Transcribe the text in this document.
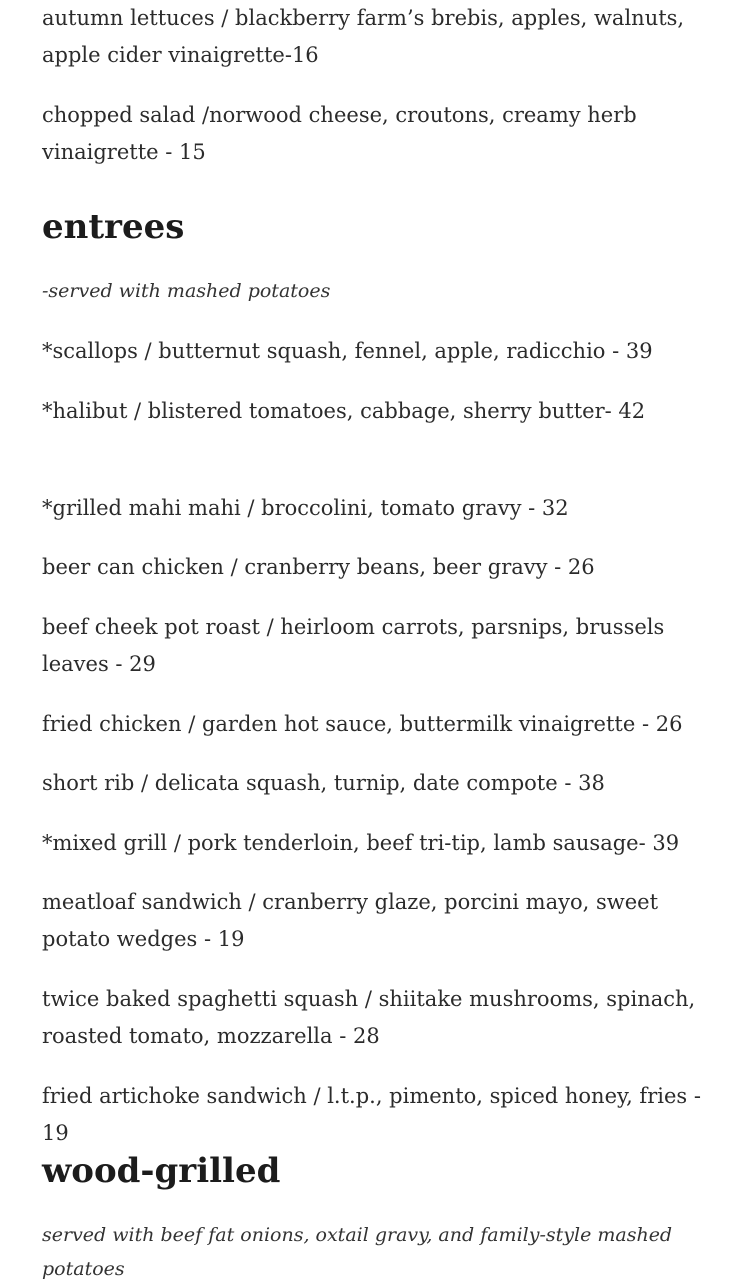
autumn lettuces / blackberry farm’s brebis, apples, walnuts, apple cider vinaigrette-16

chopped salad /norwood cheese, croutons, creamy herb vinaigrette - 15

entrees

-served with mashed potatoes

*scallops / butternut squash, fennel, apple, radicchio - 39

*halibut / blistered tomatoes, cabbage, sherry butter- 42

*grilled mahi mahi / broccolini, tomato gravy - 32

beer can chicken / cranberry beans, beer gravy - 26

beef cheek pot roast / heirloom carrots, parsnips, brussels leaves - 29

fried chicken / garden hot sauce, buttermilk vinaigrette - 26

short rib / delicata squash, turnip, date compote - 38

*mixed grill / pork tenderloin, beef tri-tip, lamb sausage- 39

meatloaf sandwich / cranberry glaze, porcini mayo, sweet potato wedges - 19

twice baked spaghetti squash / shiitake mushrooms, spinach, roasted tomato, mozzarella - 28

fried artichoke sandwich / l.t.p., pimento, spiced honey, fries - 19

wood-grilled

served with beef fat onions, oxtail gravy, and family-style mashed potatoes
